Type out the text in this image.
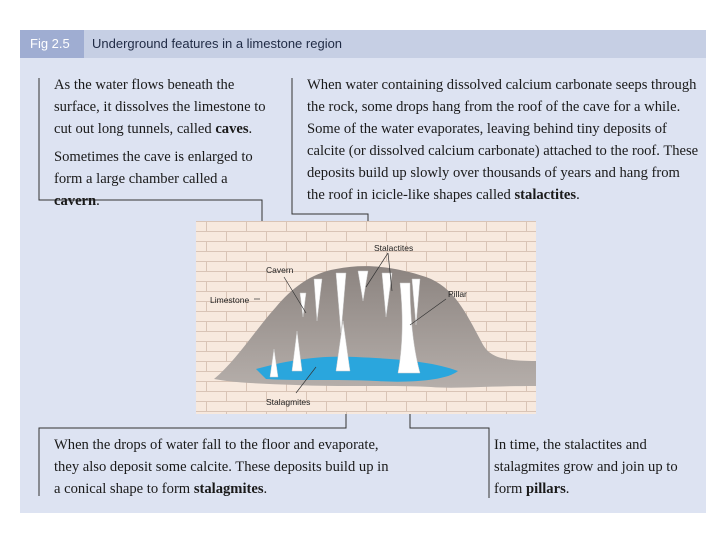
Fig 2.5	Underground features in a limestone region
As the water flows beneath the surface, it dissolves the limestone to cut out long tunnels, called caves.
Sometimes the cave is enlarged to form a large chamber called a cavern.
When water containing dissolved calcium carbonate seeps through the rock, some drops hang from the roof of the cave for a while. Some of the water evaporates, leaving behind tiny deposits of calcite (or dissolved calcium carbonate) attached to the roof. These deposits build up slowly over thousands of years and hang from the roof in icicle-like shapes called stalactites.
When the drops of water fall to the floor and evaporate, they also deposit some calcite. These deposits build up in a conical shape to form stalagmites.
In time, the stalactites and stalagmites grow and join up to form pillars.
Stalactites
Cavern
Pillar
Limestone
Stalagmites
